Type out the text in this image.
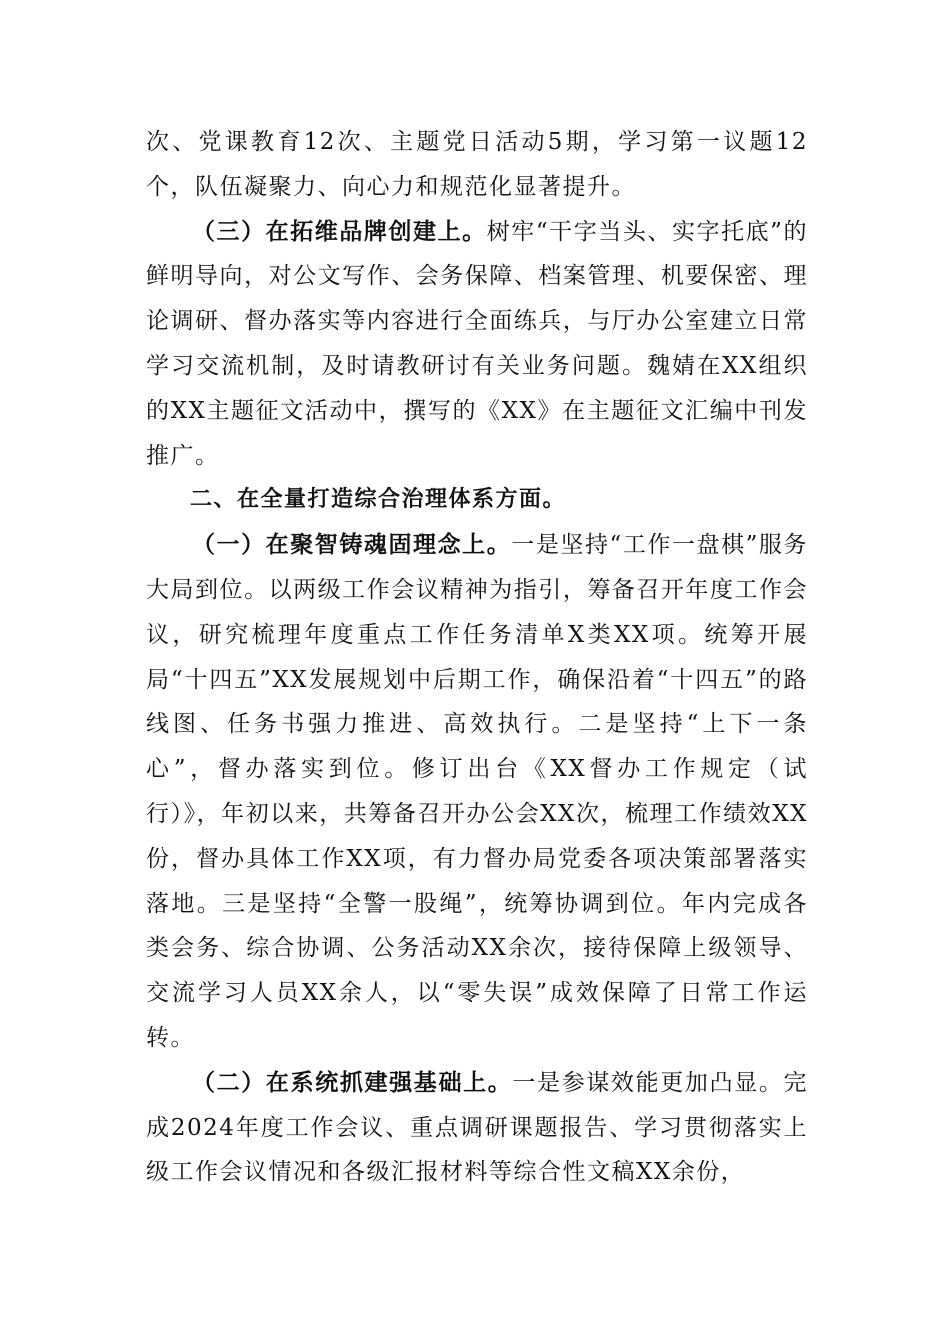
次、党课教育12次、主题党日活动5期，学习第一议题12个，队伍凝聚力、向心力和规范化显著提升。

（三）在拓维品牌创建上。树牢“干字当头、实字托底”的鲜明导向，对公文写作、会务保障、档案管理、机要保密、理论调研、督办落实等内容进行全面练兵，与厅办公室建立日常学习交流机制，及时请教研讨有关业务问题。魏婧在XX组织的XX主题征文活动中，撰写的《XX》在主题征文汇编中刊发推广。

二、在全量打造综合治理体系方面。

（一）在聚智铸魂固理念上。一是坚持“工作一盘棋”服务大局到位。以两级工作会议精神为指引，筹备召开年度工作会议，研究梳理年度重点工作任务清单X类XX项。统筹开展局“十四五”XX发展规划中后期工作，确保沿着“十四五”的路线图、任务书强力推进、高效执行。二是坚持“上下一条心”，督办落实到位。修订出台《XX督办工作规定（试行）》，年初以来，共筹备召开办公会XX次，梳理工作绩效XX份，督办具体工作XX项，有力督办局党委各项决策部署落实落地。三是坚持“全警一股绳”，统筹协调到位。年内完成各类会务、综合协调、公务活动XX余次，接待保障上级领导、交流学习人员XX余人，以“零失误”成效保障了日常工作运转。

（二）在系统抓建强基础上。一是参谋效能更加凸显。完成2024年度工作会议、重点调研课题报告、学习贯彻落实上级工作会议情况和各级汇报材料等综合性文稿XX余份，
